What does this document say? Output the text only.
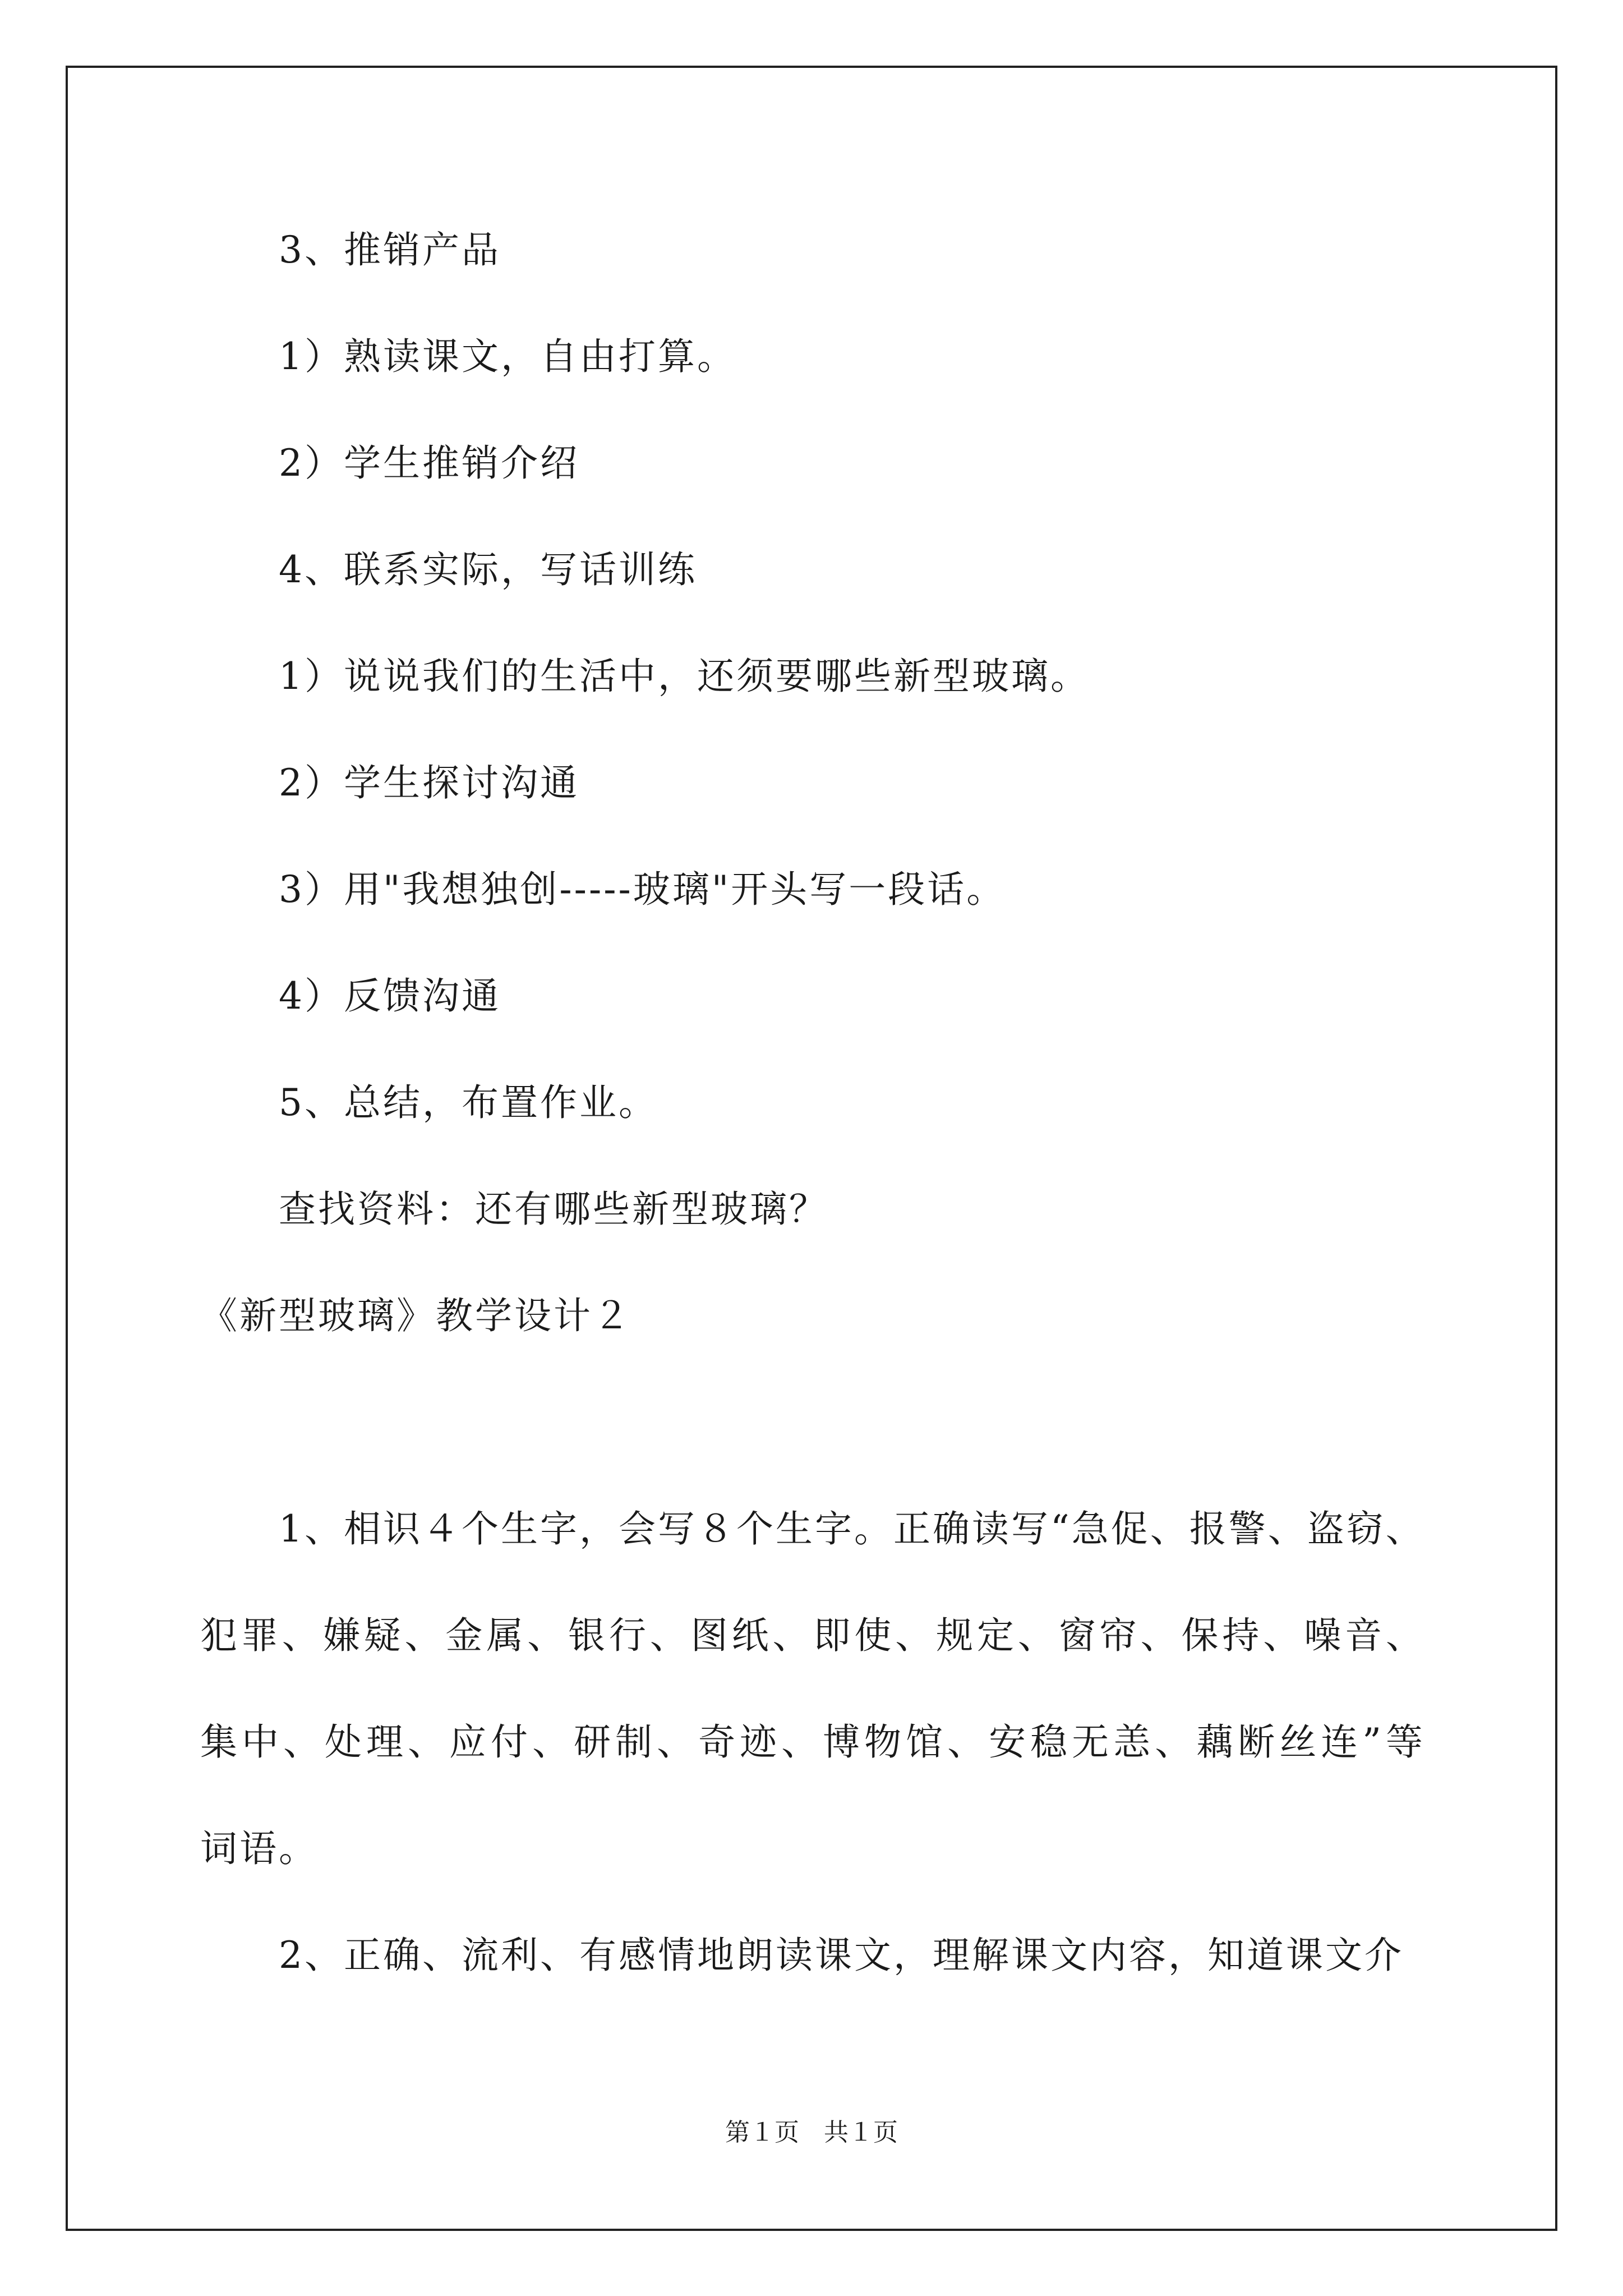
3、推销产品
1）熟读课文，自由打算。
2）学生推销介绍
4、联系实际，写话训练
1）说说我们的生活中，还须要哪些新型玻璃。
2）学生探讨沟通
3）用"我想独创-----玻璃"开头写一段话。
4）反馈沟通
5、总结，布置作业。
查找资料：还有哪些新型玻璃？
《新型玻璃》教学设计２
1、相识４个生字，会写８个生字。正确读写“急促、报警、盗窃、
犯罪、嫌疑、金属、银行、图纸、即使、规定、窗帘、保持、噪音、
集中、处理、应付、研制、奇迹、博物馆、安稳无恙、藕断丝连”等
词语。
2、正确、流利、有感情地朗读课文，理解课文内容，知道课文介
第１页　共１页
